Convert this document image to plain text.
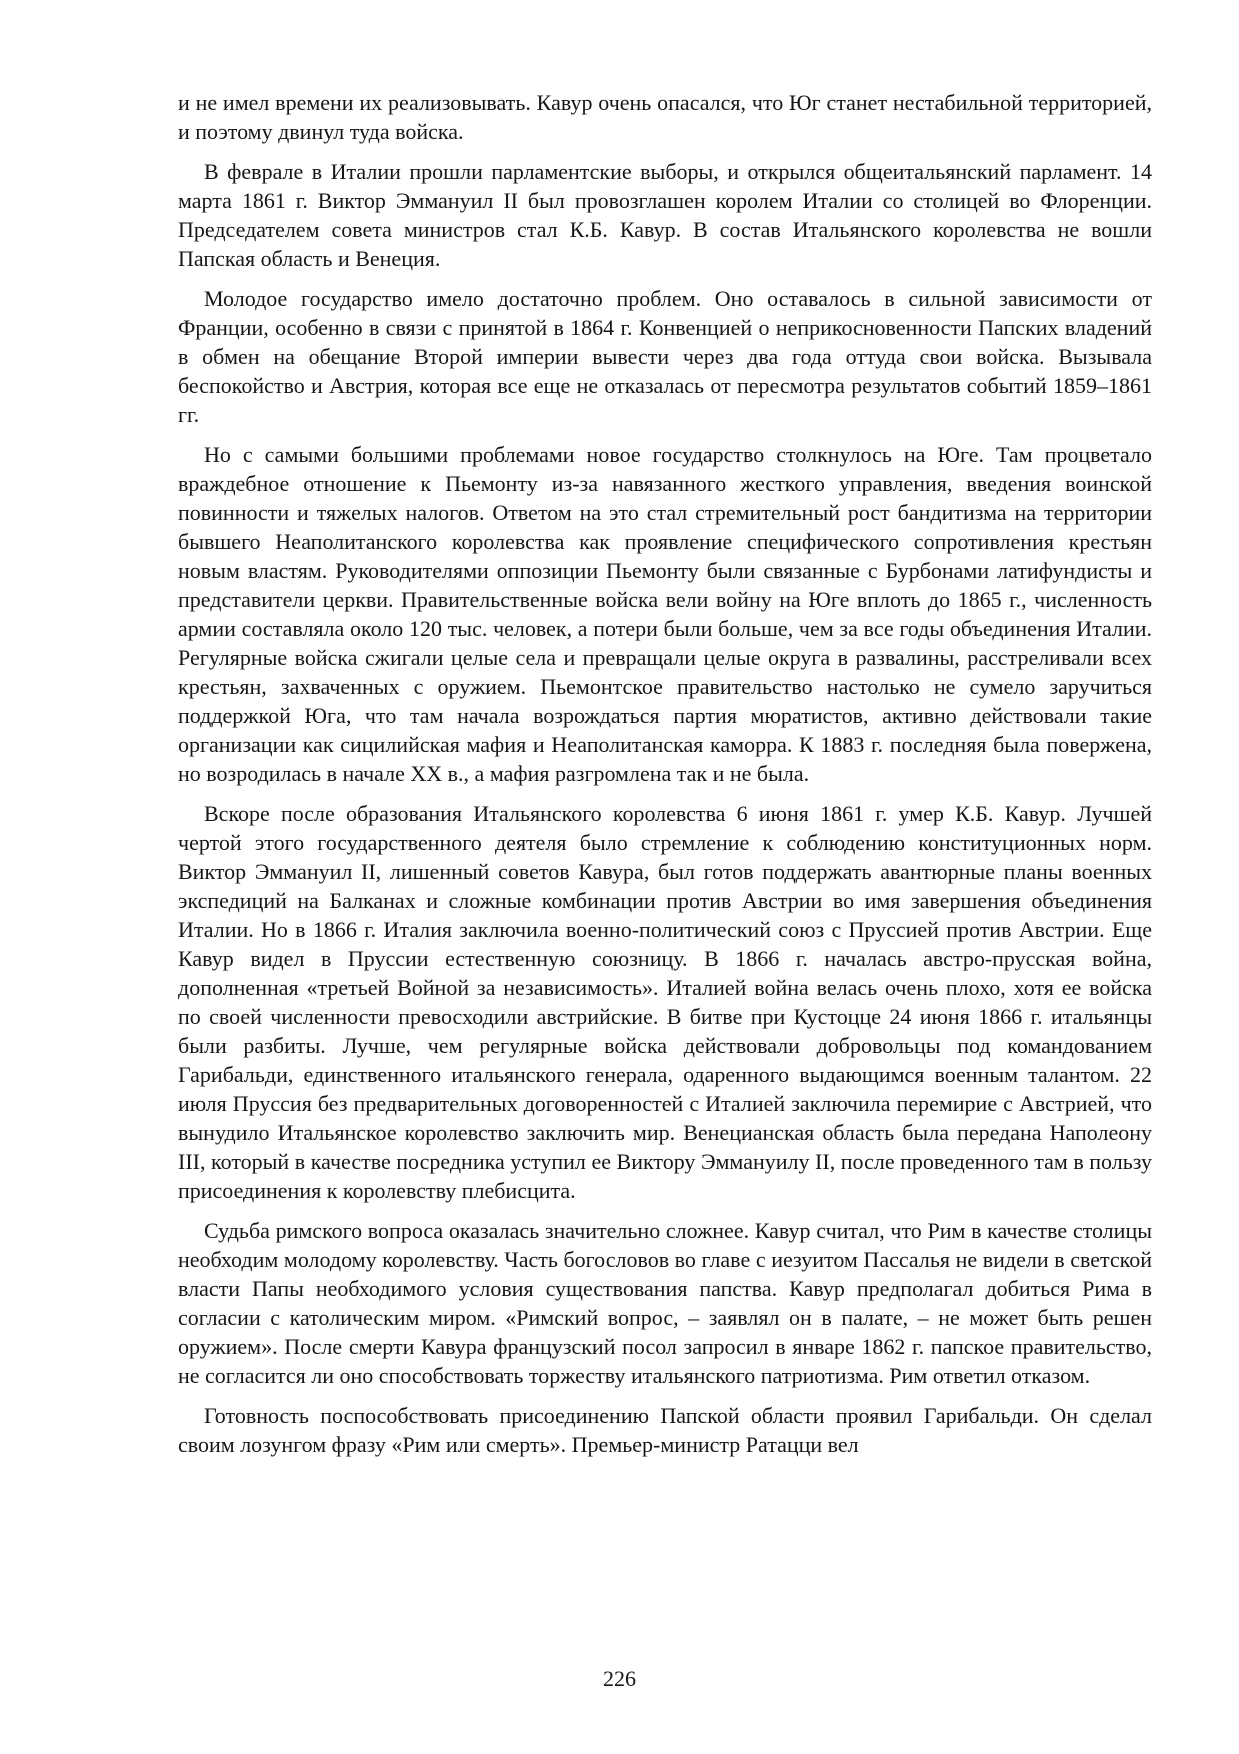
и не имел времени их реализовывать. Кавур очень опасался, что Юг станет нестабильной территорией, и поэтому двинул туда войска.

В феврале в Италии прошли парламентские выборы, и открылся общеитальянский парламент. 14 марта 1861 г. Виктор Эммануил II был провозглашен королем Италии со столицей во Флоренции. Председателем совета министров стал К.Б. Кавур. В состав Итальянского королевства не вошли Папская область и Венеция.

Молодое государство имело достаточно проблем. Оно оставалось в сильной зависимости от Франции, особенно в связи с принятой в 1864 г. Конвенцией о неприкосновенности Папских владений в обмен на обещание Второй империи вывести через два года оттуда свои войска. Вызывала беспокойство и Австрия, которая все еще не отказалась от пересмотра результатов событий 1859–1861 гг.

Но с самыми большими проблемами новое государство столкнулось на Юге. Там процветало враждебное отношение к Пьемонту из-за навязанного жесткого управления, введения воинской повинности и тяжелых налогов. Ответом на это стал стремительный рост бандитизма на территории бывшего Неаполитанского королевства как проявление специфического сопротивления крестьян новым властям. Руководителями оппозиции Пьемонту были связанные с Бурбонами латифундисты и представители церкви. Правительственные войска вели войну на Юге вплоть до 1865 г., численность армии составляла около 120 тыс. человек, а потери были больше, чем за все годы объединения Италии. Регулярные войска сжигали целые села и превращали целые округа в развалины, расстреливали всех крестьян, захваченных с оружием. Пьемонтское правительство настолько не сумело заручиться поддержкой Юга, что там начала возрождаться партия мюратистов, активно действовали такие организации как сицилийская мафия и Неаполитанская каморра. К 1883 г. последняя была повержена, но возродилась в начале XX в., а мафия разгромлена так и не была.

Вскоре после образования Итальянского королевства 6 июня 1861 г. умер К.Б. Кавур. Лучшей чертой этого государственного деятеля было стремление к соблюдению конституционных норм. Виктор Эммануил II, лишенный советов Кавура, был готов поддержать авантюрные планы военных экспедиций на Балканах и сложные комбинации против Австрии во имя завершения объединения Италии. Но в 1866 г. Италия заключила военно-политический союз с Пруссией против Австрии. Еще Кавур видел в Пруссии естественную союзницу. В 1866 г. началась австро-прусская война, дополненная «третьей Войной за независимость». Италией война велась очень плохо, хотя ее войска по своей численности превосходили австрийские. В битве при Кустоцце 24 июня 1866 г. итальянцы были разбиты. Лучше, чем регулярные войска действовали добровольцы под командованием Гарибальди, единственного итальянского генерала, одаренного выдающимся военным талантом. 22 июля Пруссия без предварительных договоренностей с Италией заключила перемирие с Австрией, что вынудило Итальянское королевство заключить мир. Венецианская область была передана Наполеону III, который в качестве посредника уступил ее Виктору Эммануилу II, после проведенного там в пользу присоединения к королевству плебисцита.

Судьба римского вопроса оказалась значительно сложнее. Кавур считал, что Рим в качестве столицы необходим молодому королевству. Часть богословов во главе с иезуитом Пассалья не видели в светской власти Папы необходимого условия существования папства. Кавур предполагал добиться Рима в согласии с католическим миром. «Римский вопрос, – заявлял он в палате, – не может быть решен оружием». После смерти Кавура французский посол запросил в январе 1862 г. папское правительство, не согласится ли оно способствовать торжеству итальянского патриотизма. Рим ответил отказом.

Готовность поспособствовать присоединению Папской области проявил Гарибальди. Он сделал своим лозунгом фразу «Рим или смерть». Премьер-министр Ратацци вел

226
